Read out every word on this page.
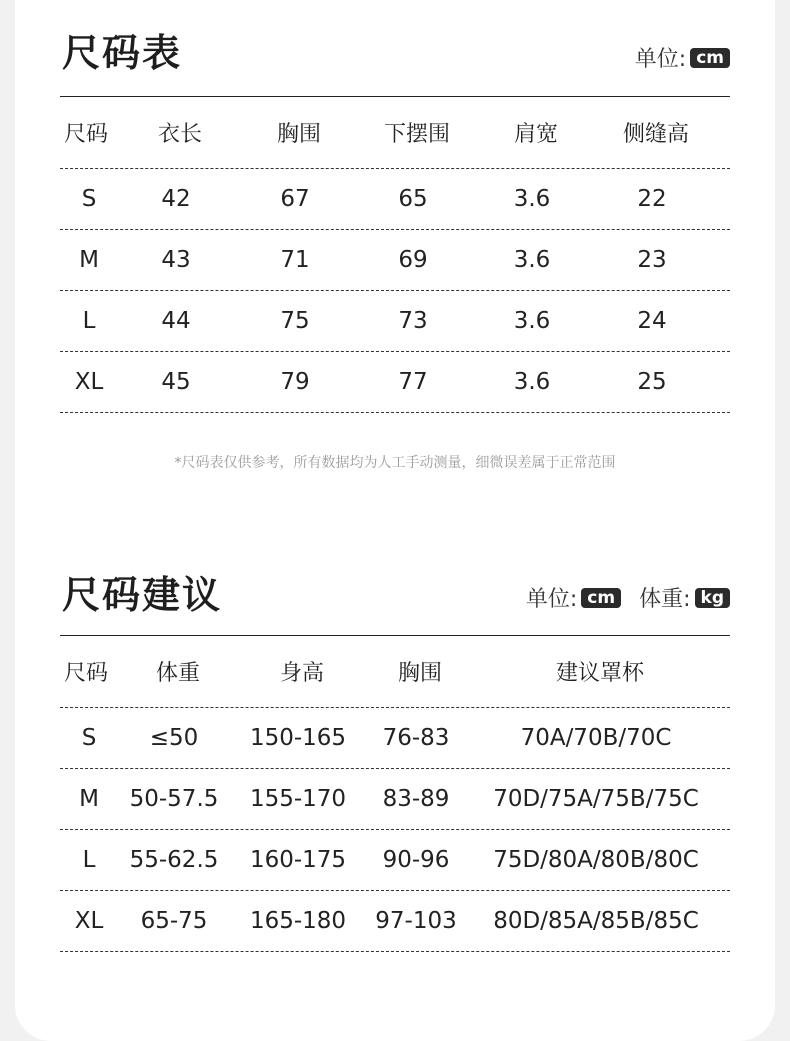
尺码表	单位: cm
尺码	衣长	胸围	下摆围	肩宽	侧缝高
S	42	67	65	3.6	22
M	43	71	69	3.6	23
L	44	75	73	3.6	24
XL	45	79	77	3.6	25
*尺码表仅供参考，所有数据均为人工手动测量，细微误差属于正常范围
尺码建议	单位: cm 体重: kg
尺码	体重	身高	胸围	建议罩杯
S	≤50	150-165	76-83	70A/70B/70C
M	50-57.5	155-170	83-89	70D/75A/75B/75C
L	55-62.5	160-175	90-96	75D/80A/80B/80C
XL	65-75	165-180	97-103	80D/85A/85B/85C
